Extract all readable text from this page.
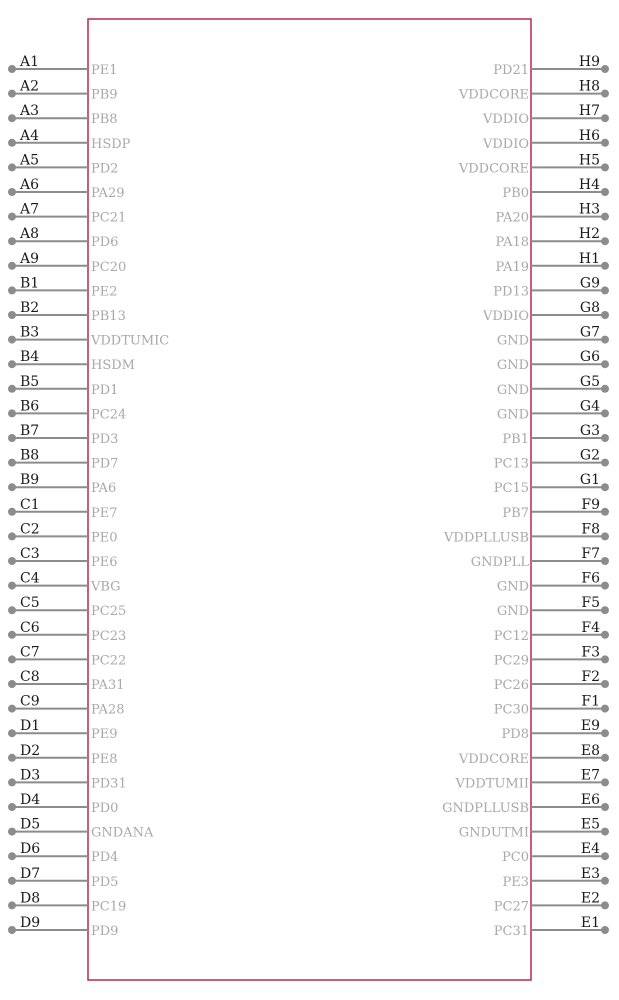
A1
PE1
A2
PB9
A3
PB8
A4
HSDP
A5
PD2
A6
PA29
A7
PC21
A8
PD6
A9
PC20
B1
PE2
B2
PB13
B3
VDDTUMIC
B4
HSDM
B5
PD1
B6
PC24
B7
PD3
B8
PD7
B9
PA6
C1
PE7
C2
PE0
C3
PE6
C4
VBG
C5
PC25
C6
PC23
C7
PC22
C8
PA31
C9
PA28
D1
PE9
D2
PE8
D3
PD31
D4
PD0
D5
GNDANA
D6
PD4
D7
PD5
D8
PC19
D9
PD9
H9
PD21
H8
VDDCORE
H7
VDDIO
H6
VDDIO
H5
VDDCORE
H4
PB0
H3
PA20
H2
PA18
H1
PA19
G9
PD13
G8
VDDIO
G7
GND
G6
GND
G5
GND
G4
GND
G3
PB1
G2
PC13
G1
PC15
F9
PB7
F8
VDDPLLUSB
F7
GNDPLL
F6
GND
F5
GND
F4
PC12
F3
PC29
F2
PC26
F1
PC30
E9
PD8
E8
VDDCORE
E7
VDDTUMII
E6
GNDPLLUSB
E5
GNDUTMI
E4
PC0
E3
PE3
E2
PC27
E1
PC31
